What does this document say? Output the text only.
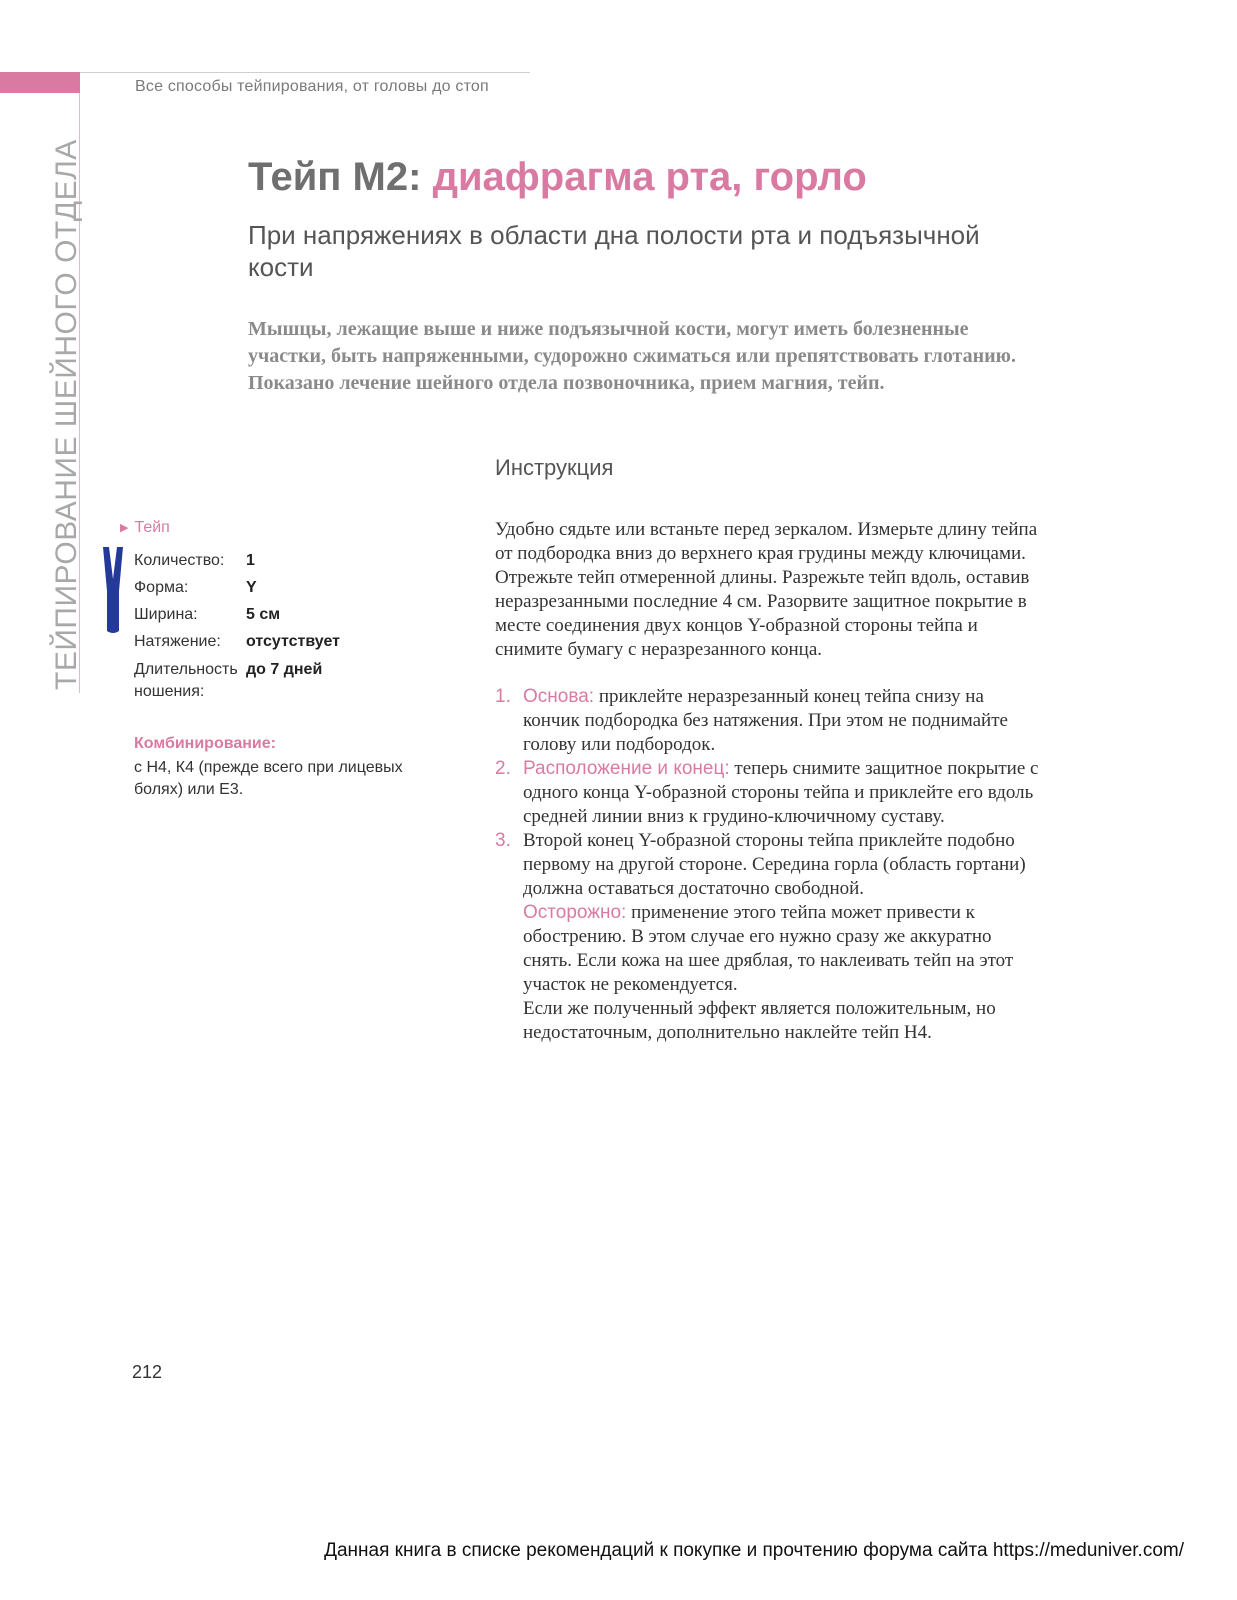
Все способы тейпирования, от головы до стоп
ТЕЙПИРОВАНИЕ ШЕЙНОГО ОТДЕЛА	Тейп М2: диафрагма рта, горло
При напряжениях в области дна полости рта и подъязычной кости
Мышцы, лежащие выше и ниже подъязычной кости, могут иметь болезненные участки, быть напряженными, судорожно сжиматься или препятствовать глотанию. Показано лечение шейного отдела позвоночника, прием магния, тейп.
▶ Тейп
Количество:	1
Форма:	Y
Ширина:	5 см
Натяжение:	отсутствует
Длительность ношения:
до 7 дней
Комбинирование:
с Н4, К4 (прежде всего при лицевых болях) или Е3.
Инструкция
Удобно сядьте или встаньте перед зеркалом. Измерьте длину тейпа от подбородка вниз до верхнего края грудины между ключицами. Отрежьте тейп отмеренной длины. Разрежьте тейп вдоль, оставив неразрезанными последние 4 см. Разорвите защитное покрытие в месте соединения двух концов Y-образной стороны тейпа и снимите бумагу с неразрезанного конца.
1. Основа: приклейте неразрезанный конец тейпа снизу на кончик подбородка без натяжения. При этом не поднимайте голову или подбородок.
2. Расположение и конец: теперь снимите защитное покрытие с одного конца Y-образной стороны тейпа и приклейте его вдоль средней линии вниз к грудино-ключичному суставу.
3. Второй конец Y-образной стороны тейпа приклейте подобно первому на другой стороне. Середина горла (область гортани) должна оставаться достаточно свободной.
Осторожно: применение этого тейпа может привести к обострению. В этом случае его нужно сразу же аккуратно снять. Если кожа на шее дряблая, то наклеивать тейп на этот участок не рекомендуется.
Если же полученный эффект является положительным, но недостаточным, дополнительно наклейте тейп Н4.
212
Данная книга в списке рекомендаций к покупке и прочтению форума сайта https://meduniver.com/
